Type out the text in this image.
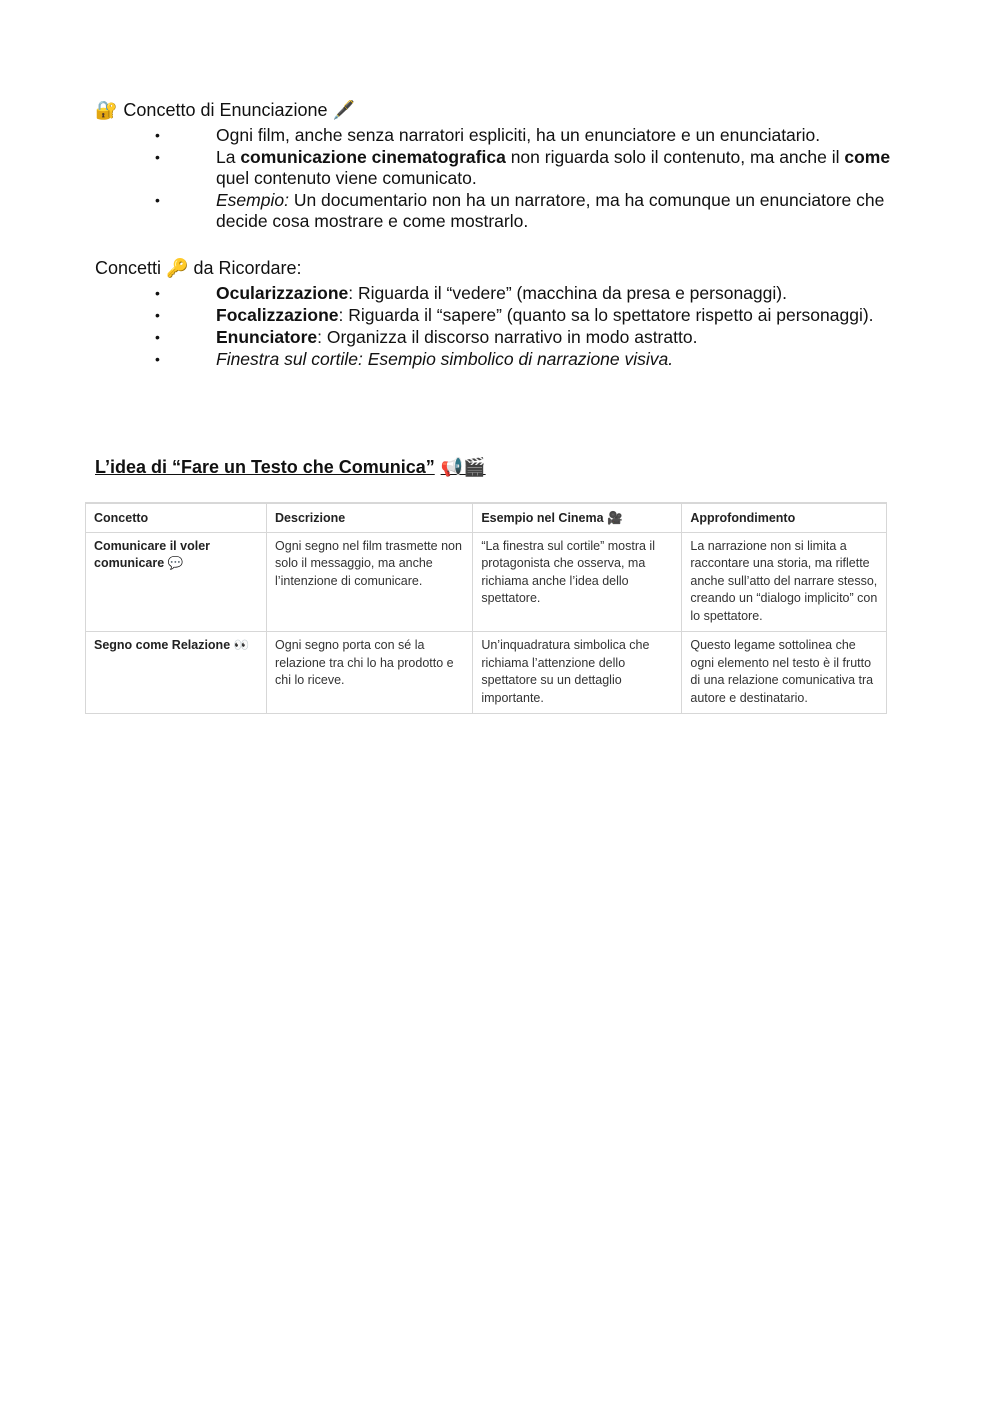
🔐 Concetto di Enunciazione 🖋️
•	Ogni film, anche senza narratori espliciti, ha un enunciatore e un enunciatario.
•	La comunicazione cinematografica non riguarda solo il contenuto, ma anche il come quel contenuto viene comunicato.
•	Esempio: Un documentario non ha un narratore, ma ha comunque un enunciatore che decide cosa mostrare e come mostrarlo.
Concetti 🔑 da Ricordare:
•	Ocularizzazione: Riguarda il “vedere” (macchina da presa e personaggi).
•	Focalizzazione: Riguarda il “sapere” (quanto sa lo spettatore rispetto ai personaggi).
•	Enunciatore: Organizza il discorso narrativo in modo astratto.
•	Finestra sul cortile: Esempio simbolico di narrazione visiva.
L’idea di “Fare un Testo che Comunica” 📢🎬
Concetto	Descrizione	Esempio nel Cinema 🎥	Approfondimento
Comunicare il voler comunicare 💬	Ogni segno nel film trasmette non solo il messaggio, ma anche l’intenzione di comunicare.	“La finestra sul cortile” mostra il protagonista che osserva, ma richiama anche l’idea dello spettatore.	La narrazione non si limita a raccontare una storia, ma riflette anche sull’atto del narrare stesso, creando un “dialogo implicito” con lo spettatore.
Segno come Relazione 👀	Ogni segno porta con sé la relazione tra chi lo ha prodotto e chi lo riceve.	Un’inquadratura simbolica che richiama l’attenzione dello spettatore su un dettaglio importante.	Questo legame sottolinea che ogni elemento nel testo è il frutto di una relazione comunicativa tra autore e destinatario.
